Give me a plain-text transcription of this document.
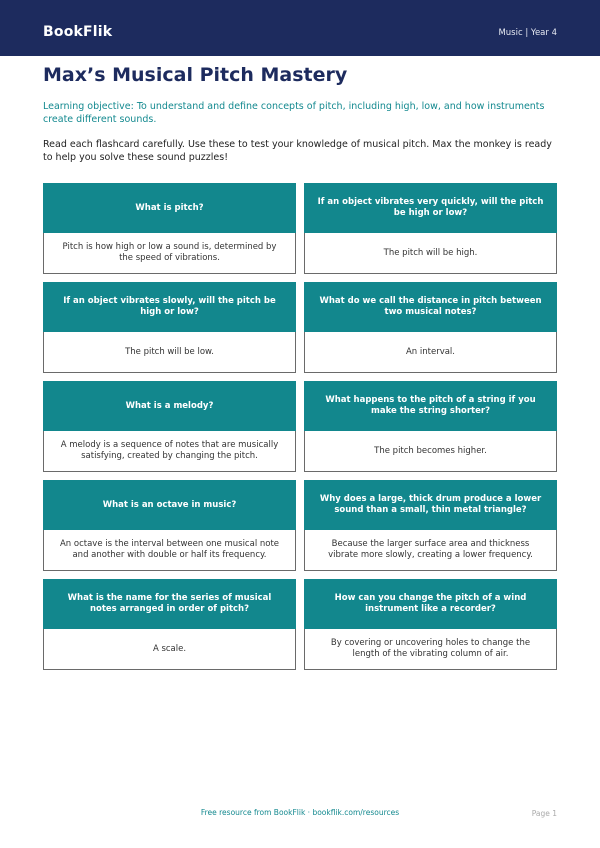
BookFlik	Music | Year 4
Max’s Musical Pitch Mastery

Learning objective: To understand and define concepts of pitch, including high, low, and how instruments create different sounds.

Read each flashcard carefully. Use these to test your knowledge of musical pitch. Max the monkey is ready to help you solve these sound puzzles!

What is pitch?
Pitch is how high or low a sound is, determined by the speed of vibrations.
If an object vibrates very quickly, will the pitch be high or low?
The pitch will be high.
If an object vibrates slowly, will the pitch be high or low?
The pitch will be low.
What do we call the distance in pitch between two musical notes?
An interval.
What is a melody?
A melody is a sequence of notes that are musically satisfying, created by changing the pitch.
What happens to the pitch of a string if you make the string shorter?
The pitch becomes higher.
What is an octave in music?
An octave is the interval between one musical note and another with double or half its frequency.
Why does a large, thick drum produce a lower sound than a small, thin metal triangle?
Because the larger surface area and thickness vibrate more slowly, creating a lower frequency.
What is the name for the series of musical notes arranged in order of pitch?
A scale.
How can you change the pitch of a wind instrument like a recorder?
By covering or uncovering holes to change the length of the vibrating column of air.
Free resource from BookFlik · bookflik.com/resources	Page 1
